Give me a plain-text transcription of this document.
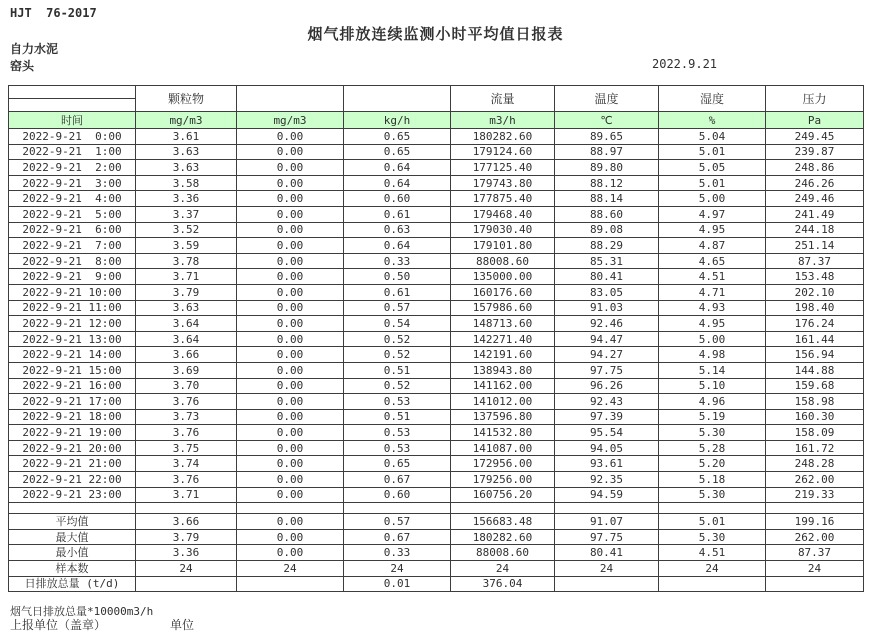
HJT  76-2017
烟气排放连续监测小时平均值日报表
自力水泥
窑头	2022.9.21
	颗粒物			流量	温度	湿度	压力

时间	mg/m3	mg/m3	kg/h	m3/h	℃	%	Pa
2022-9-21  0:00	3.61	0.00	0.65	180282.60	89.65	5.04	249.45
2022-9-21  1:00	3.63	0.00	0.65	179124.60	88.97	5.01	239.87
2022-9-21  2:00	3.63	0.00	0.64	177125.40	89.80	5.05	248.86
2022-9-21  3:00	3.58	0.00	0.64	179743.80	88.12	5.01	246.26
2022-9-21  4:00	3.36	0.00	0.60	177875.40	88.14	5.00	249.46
2022-9-21  5:00	3.37	0.00	0.61	179468.40	88.60	4.97	241.49
2022-9-21  6:00	3.52	0.00	0.63	179030.40	89.08	4.95	244.18
2022-9-21  7:00	3.59	0.00	0.64	179101.80	88.29	4.87	251.14
2022-9-21  8:00	3.78	0.00	0.33	88008.60	85.31	4.65	87.37
2022-9-21  9:00	3.71	0.00	0.50	135000.00	80.41	4.51	153.48
2022-9-21 10:00	3.79	0.00	0.61	160176.60	83.05	4.71	202.10
2022-9-21 11:00	3.63	0.00	0.57	157986.60	91.03	4.93	198.40
2022-9-21 12:00	3.64	0.00	0.54	148713.60	92.46	4.95	176.24
2022-9-21 13:00	3.64	0.00	0.52	142271.40	94.47	5.00	161.44
2022-9-21 14:00	3.66	0.00	0.52	142191.60	94.27	4.98	156.94
2022-9-21 15:00	3.69	0.00	0.51	138943.80	97.75	5.14	144.88
2022-9-21 16:00	3.70	0.00	0.52	141162.00	96.26	5.10	159.68
2022-9-21 17:00	3.76	0.00	0.53	141012.00	92.43	4.96	158.98
2022-9-21 18:00	3.73	0.00	0.51	137596.80	97.39	5.19	160.30
2022-9-21 19:00	3.76	0.00	0.53	141532.80	95.54	5.30	158.09
2022-9-21 20:00	3.75	0.00	0.53	141087.00	94.05	5.28	161.72
2022-9-21 21:00	3.74	0.00	0.65	172956.00	93.61	5.20	248.28
2022-9-21 22:00	3.76	0.00	0.67	179256.00	92.35	5.18	262.00
2022-9-21 23:00	3.71	0.00	0.60	160756.20	94.59	5.30	219.33

平均值	3.66	0.00	0.57	156683.48	91.07	5.01	199.16
最大值	3.79	0.00	0.67	180282.60	97.75	5.30	262.00
最小值	3.36	0.00	0.33	88008.60	80.41	4.51	87.37
样本数	24	24	24	24	24	24	24
日排放总量 (t/d)			0.01	376.04			
烟气日排放总量*10000m3/h
上报单位（盖章）	单位
